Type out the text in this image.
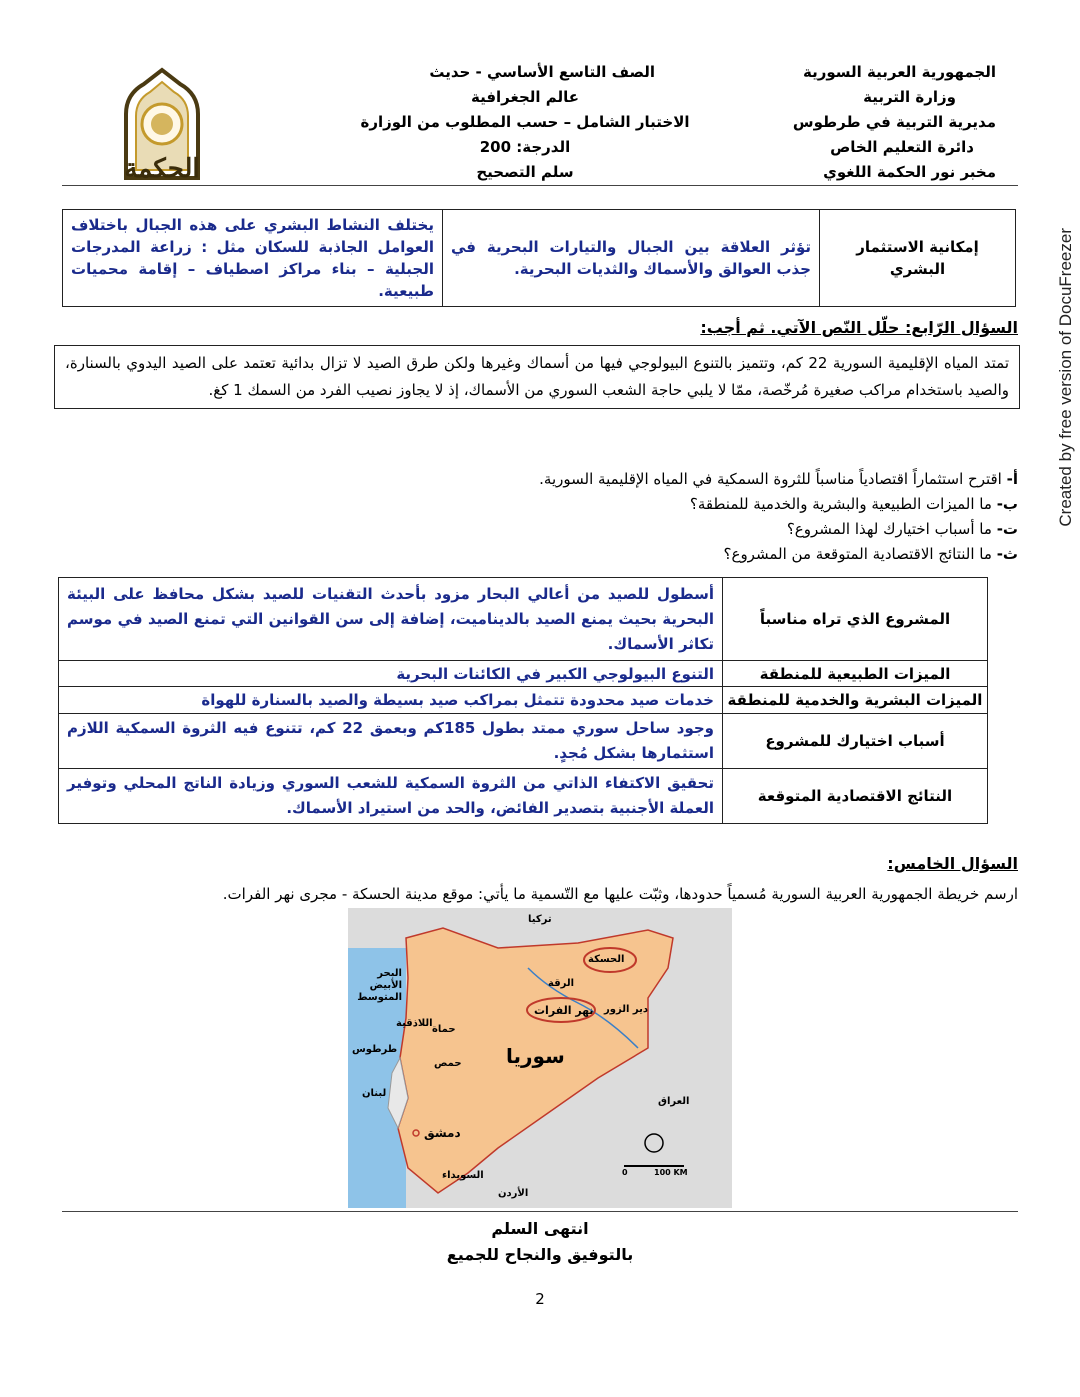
الجمهورية العربية السورية
وزارة التربية
مديرية التربية في طرطوس
دائرة التعليم الخاص
مخبر نور الحكمة اللغوي
الصف التاسع الأساسي - حديث
عالم الجغرافية
الاختبار الشامل – حسب المطلوب من الوزارة
الدرجة: 200
سلم التصحيح
الحكمة
إمكانية الاستثمار البشري	تؤثر العلاقة بين الجبال والتيارات البحرية في جذب العوالق والأسماك والثديات البحرية.	يختلف النشاط البشري على هذه الجبال باختلاف العوامل الجاذبة للسكان مثل : زراعة المدرجات الجبلية – بناء مراكز اصطياف – إقامة محميات طبيعية.
السؤال الرّابع: حلّل النّص الآتي. ثم أجب:
تمتد المياه الإقليمية السورية 22 كم، وتتميز بالتنوع البيولوجي فيها من أسماك وغيرها ولكن طرق الصيد لا تزال بدائية تعتمد على الصيد اليدوي بالسنارة، والصيد باستخدام مراكب صغيرة مُرخّصة، ممّا لا يلبي حاجة الشعب السوري من الأسماك، إذ لا يجاوز نصيب الفرد من السمك 1 كغ.
أ- اقترح استثماراً اقتصادياً مناسباً للثروة السمكية في المياه الإقليمية السورية.
ب- ما الميزات الطبيعية والبشرية والخدمية للمنطقة؟
ت- ما أسباب اختيارك لهذا المشروع؟
ث- ما النتائج الاقتصادية المتوقعة من المشروع؟
المشروع الذي تراه مناسباً	أسطول للصيد من أعالي البحار مزود بأحدث التقنيات للصيد بشكل محافظ على البيئة البحرية بحيث يمنع الصيد بالديناميت، إضافة إلى سن القوانين التي تمنع الصيد في موسم تكاثر الأسماك.
الميزات الطبيعية للمنطقة	التنوع البيولوجي الكبير في الكائنات البحرية
الميزات البشرية والخدمية للمنطقة	خدمات صيد محدودة تتمثل بمراكب صيد بسيطة والصيد بالسنارة للهواة
أسباب اختيارك للمشروع	وجود ساحل سوري ممتد بطول 185كم وبعمق 22 كم، تتنوع فيه الثروة السمكية اللازم استثمارها بشكل مُجدٍ.
النتائج الاقتصادية المتوقعة	تحقيق الاكتفاء الذاتي من الثروة السمكية للشعب السوري وزيادة الناتج المحلي وتوفير العملة الأجنبية بتصدير الفائض، والحد من استيراد الأسماك.
السؤال الخامس:
ارسم خريطة الجمهورية العربية السورية مُسمياً حدودها، وثبّت عليها مع التّسمية ما يأتي: موقع مدينة الحسكة - مجرى نهر الفرات.
تركيا
البحر الأبيض المتوسط
الحسكة
الرقة
دير الزور
نهر الفرات
اللاذقية
حماة
طرطوس
حمص سوريا
لبنان
العراق
دمشق
السويداء
الأردن
0	100 KM
انتهى السلم
بالتوفيق والنجاح للجميع
2
Created by free version of DocuFreezer
